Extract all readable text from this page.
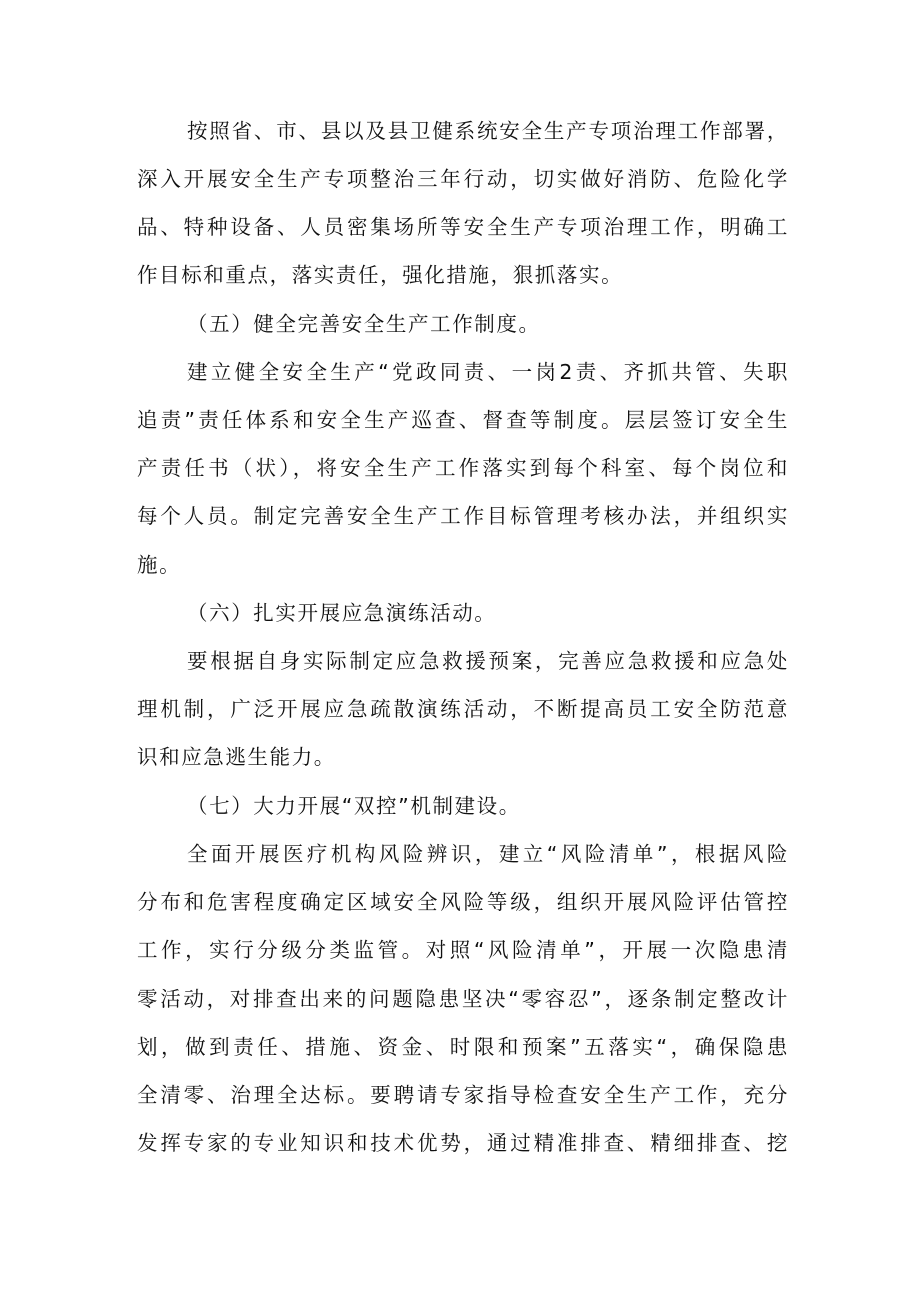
按照省、市、县以及县卫健系统安全生产专项治理工作部署，
深入开展安全生产专项整治三年行动，切实做好消防、危险化学
品、特种设备、人员密集场所等安全生产专项治理工作，明确工
作目标和重点，落实责任，强化措施，狠抓落实。
（五）健全完善安全生产工作制度。
建立健全安全生产“党政同责、一岗2责、齐抓共管、失职
追责”责任体系和安全生产巡查、督查等制度。层层签订安全生
产责任书（状），将安全生产工作落实到每个科室、每个岗位和
每个人员。制定完善安全生产工作目标管理考核办法，并组织实
施。
（六）扎实开展应急演练活动。
要根据自身实际制定应急救援预案，完善应急救援和应急处
理机制，广泛开展应急疏散演练活动，不断提高员工安全防范意
识和应急逃生能力。
（七）大力开展“双控”机制建设。
全面开展医疗机构风险辨识，建立“风险清单”，根据风险
分布和危害程度确定区域安全风险等级，组织开展风险评估管控
工作，实行分级分类监管。对照“风险清单”，开展一次隐患清
零活动，对排查出来的问题隐患坚决“零容忍”，逐条制定整改计
划，做到责任、措施、资金、时限和预案”五落实“，确保隐患
全清零、治理全达标。要聘请专家指导检查安全生产工作，充分
发挥专家的专业知识和技术优势，通过精准排查、精细排查、挖
